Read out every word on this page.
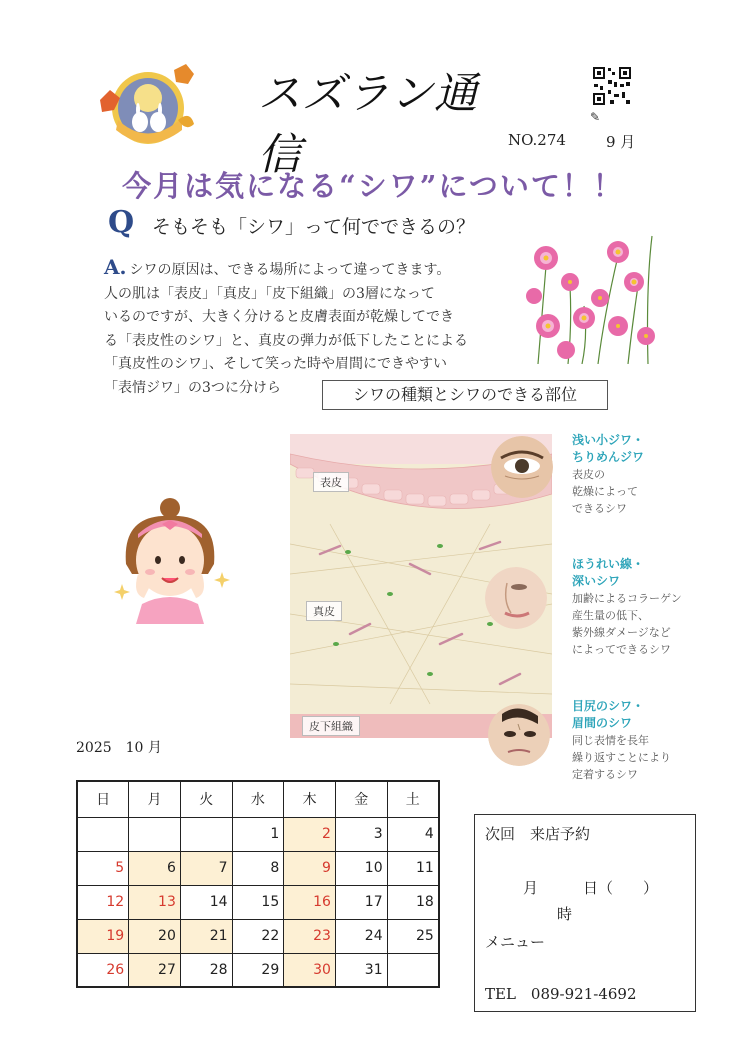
スズラン通信
✎
NO.274	9 月
今月は気になる“シワ”について！！
Q そもそも「シワ」って何でできるの？
A. シワの原因は、できる場所によって違ってきます。
人の肌は「表皮」「真皮」「皮下組織」の3層になって
いるのですが、大きく分けると皮膚表面が乾燥してでき
る「表皮性のシワ」と、真皮の弾力が低下したことによる
「真皮性のシワ」、そして笑った時や眉間にできやすい
「表情ジワ」の3つに分けら	シワの種類とシワのできる部位
表皮
真皮
皮下組織
浅い小ジワ・
ちりめんジワ
表皮の
乾燥によって
できるシワ
ほうれい線・
深いシワ
加齢によるコラーゲン
産生量の低下、
紫外線ダメージなど
によってできるシワ
目尻のシワ・
眉間のシワ
同じ表情を長年
繰り返すことにより
定着するシワ
2025　10 月
日	月	火	水	木	金	土
			1	2	3	4
5	6	7	8	9	10	11
12	13	14	15	16	17	18
19	20	21	22	23	24	25
26	27	28	29	30	31	
次回　来店予約
月　　　日（　　）
時
メニュー
TEL　089-921-4692
